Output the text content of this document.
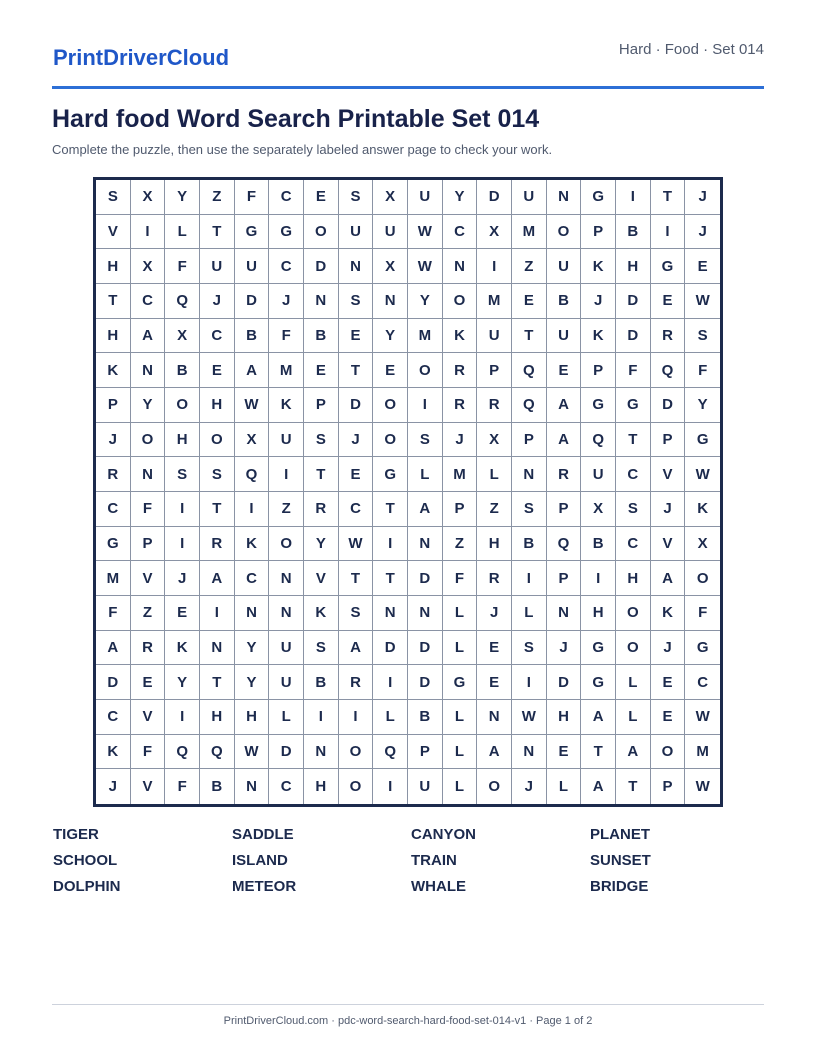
PrintDriverCloud	Hard · Food · Set 014
Hard food Word Search Printable Set 014
Complete the puzzle, then use the separately labeled answer page to check your work.
S	X	Y	Z	F	C	E	S	X	U	Y	D	U	N	G	I	T	J
V	I	L	T	G	G	O	U	U	W	C	X	M	O	P	B	I	J
H	X	F	U	U	C	D	N	X	W	N	I	Z	U	K	H	G	E
T	C	Q	J	D	J	N	S	N	Y	O	M	E	B	J	D	E	W
H	A	X	C	B	F	B	E	Y	M	K	U	T	U	K	D	R	S
K	N	B	E	A	M	E	T	E	O	R	P	Q	E	P	F	Q	F
P	Y	O	H	W	K	P	D	O	I	R	R	Q	A	G	G	D	Y
J	O	H	O	X	U	S	J	O	S	J	X	P	A	Q	T	P	G
R	N	S	S	Q	I	T	E	G	L	M	L	N	R	U	C	V	W
C	F	I	T	I	Z	R	C	T	A	P	Z	S	P	X	S	J	K
G	P	I	R	K	O	Y	W	I	N	Z	H	B	Q	B	C	V	X
M	V	J	A	C	N	V	T	T	D	F	R	I	P	I	H	A	O
F	Z	E	I	N	N	K	S	N	N	L	J	L	N	H	O	K	F
A	R	K	N	Y	U	S	A	D	D	L	E	S	J	G	O	J	G
D	E	Y	T	Y	U	B	R	I	D	G	E	I	D	G	L	E	C
C	V	I	H	H	L	I	I	L	B	L	N	W	H	A	L	E	W
K	F	Q	Q	W	D	N	O	Q	P	L	A	N	E	T	A	O	M
J	V	F	B	N	C	H	O	I	U	L	O	J	L	A	T	P	W
TIGER	SADDLE	CANYON	PLANET
SCHOOL	ISLAND	TRAIN	SUNSET
DOLPHIN	METEOR	WHALE	BRIDGE
PrintDriverCloud.com · pdc-word-search-hard-food-set-014-v1 · Page 1 of 2
